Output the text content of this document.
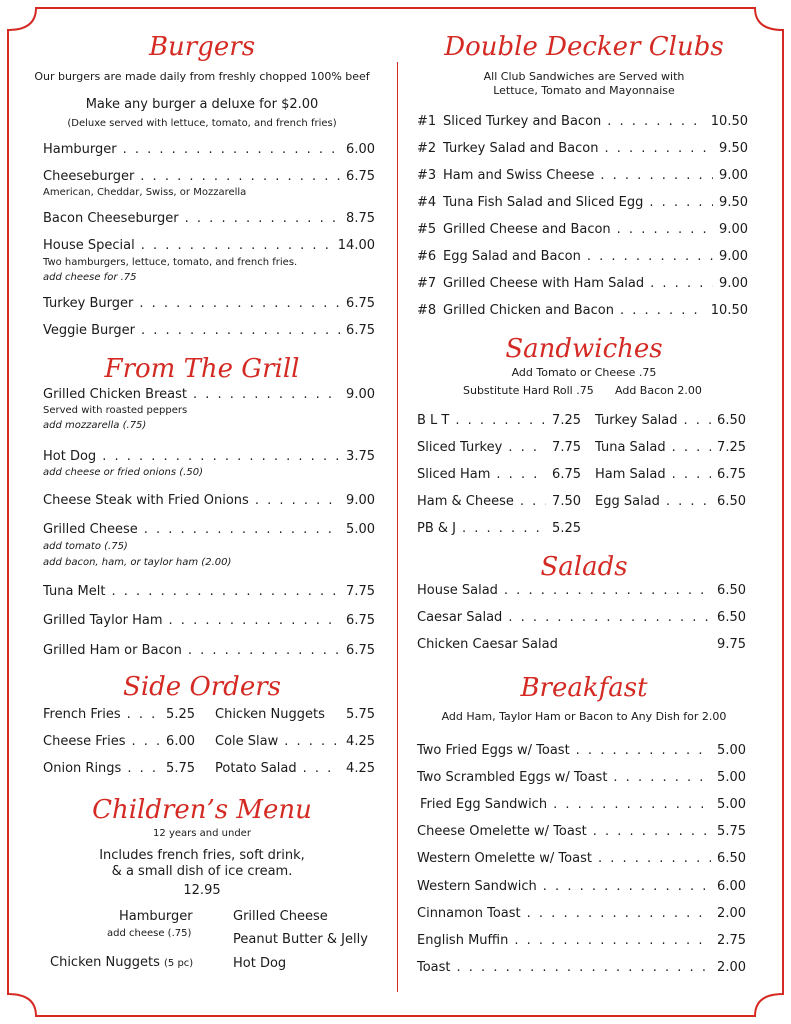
Burgers
Our burgers are made daily from freshly chopped 100% beef
Make any burger a deluxe for $2.00
(Deluxe served with lettuce, tomato, and french fries)
Hamburger . . .	6.00
Cheeseburger . . .	6.75
American, Cheddar, Swiss, or Mozzarella
Bacon Cheeseburger . . .	8.75
House Special . . .	14.00
Two hamburgers, lettuce, tomato, and french fries.
add cheese for .75
Turkey Burger . . .	6.75
Veggie Burger . . .	6.75
From The Grill
Grilled Chicken Breast . . .	9.00
Served with roasted peppers
add mozzarella (.75)
Hot Dog . . .	3.75
add cheese or fried onions (.50)
Cheese Steak with Fried Onions . . .	9.00
Grilled Cheese . . .	5.00
add tomato (.75)
add bacon, ham, or taylor ham (2.00)
Tuna Melt . . .	7.75
Grilled Taylor Ham . . .	6.75
Grilled Ham or Bacon . . .	6.75
Side Orders
French Fries . . .	5.25 Chicken Nuggets 5.75
Cheese Fries . . .	6.00 Cole Slaw . . .	4.25
Onion Rings . . .	5.75 Potato Salad . . .	4.25
Children’s Menu
12 years and under
Includes french fries, soft drink,
& a small dish of ice cream.
12.95
Hamburger
add cheese (.75)
Chicken Nuggets (5 pc)
Grilled Cheese
Peanut Butter & Jelly
Hot Dog
Double Decker Clubs
All Club Sandwiches are Served with
Lettuce, Tomato and Mayonnaise
#1 Sliced Turkey and Bacon . . .	10.50
#2 Turkey Salad and Bacon . . .	9.50
#3 Ham and Swiss Cheese . . .	9.00
#4 Tuna Fish Salad and Sliced Egg . . .	9.50
#5 Grilled Cheese and Bacon . . .	9.00
#6 Egg Salad and Bacon . . .	9.00
#7 Grilled Cheese with Ham Salad . . .	9.00
#8 Grilled Chicken and Bacon . . .	10.50
Sandwiches
Add Tomato or Cheese .75
Substitute Hard Roll .75 Add Bacon 2.00
B L T . . .	7.25 Turkey Salad . . .	6.50
Sliced Turkey . . .	7.75 Tuna Salad . . .	7.25
Sliced Ham . . .	6.75 Ham Salad . . .	6.75
Ham & Cheese . . .	7.50 Egg Salad . . .	6.50
PB & J . . .	5.25
Salads
House Salad . . .	6.50
Caesar Salad . . .	6.50
Chicken Caesar Salad	9.75
Breakfast
Add Ham, Taylor Ham or Bacon to Any Dish for 2.00
Two Fried Eggs w/ Toast . . .	5.00
Two Scrambled Eggs w/ Toast . . .	5.00
Fried Egg Sandwich . . .	5.00
Cheese Omelette w/ Toast . . .	5.75
Western Omelette w/ Toast . . .	6.50
Western Sandwich . . .	6.00
Cinnamon Toast . . .	2.00
English Muffin . . .	2.75
Toast . . .	2.00
